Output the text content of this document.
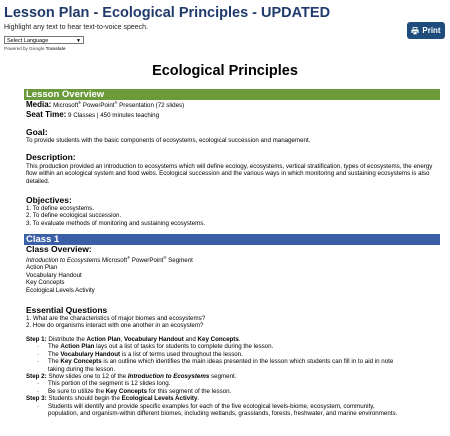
Lesson Plan - Ecological Principles - UPDATED
Print
Highlight any text to hear text-to-voice speech.
Select Language	▼
Powered by Google Translate
Ecological Principles
Lesson Overview
Media: Microsoft® PowerPoint® Presentation (72 slides)
Seat Time: 9 Classes | 450 minutes teaching
Goal:
To provide students with the basic components of ecosystems, ecological succession and management.
Description:
This production provided an introduction to ecosystems which will define ecology, ecosystems, vertical stratification, types of ecosystems, the energy flow within an ecological system and food webs. Ecological succession and the various ways in which monitoring and sustaining ecosystems is also detailed.
Objectives:
1. To define ecosystems.
2. To define ecological succession.
3. To evaluate methods of monitoring and sustaining ecosystems.
Class 1
Class Overview:
Introduction to Ecosystems Microsoft® PowerPoint® Segment
Action Plan
Vocabulary Handout
Key Concepts
Ecological Levels Activity
Essential Questions
1. What are the characteristics of major biomes and ecosystems?
2. How do organisms interact with one another in an ecosystem?

Step 1: Distribute the Action Plan, Vocabulary Handout and Key Concepts.

· The Action Plan lays out a list of tasks for students to complete during the lesson.

· The Vocabulary Handout is a list of terms used throughout the lesson.

· The Key Concepts is an outline which identifies the main ideas presented in the lesson which students can fill in to aid in note

taking during the lesson.

Step 2: Show slides one to 12 of the Introduction to Ecosystems segment.

· This portion of the segment is 12 slides long.

· Be sure to utilize the Key Concepts for this segment of the lesson.

Step 3: Students should begin the Ecological Levels Activity.

· Students will identify and provide specific examples for each of the five ecological levels-biome, ecosystem, community,

population, and organism-within different biomes, including wetlands, grasslands, forests, freshwater, and marine environments.
